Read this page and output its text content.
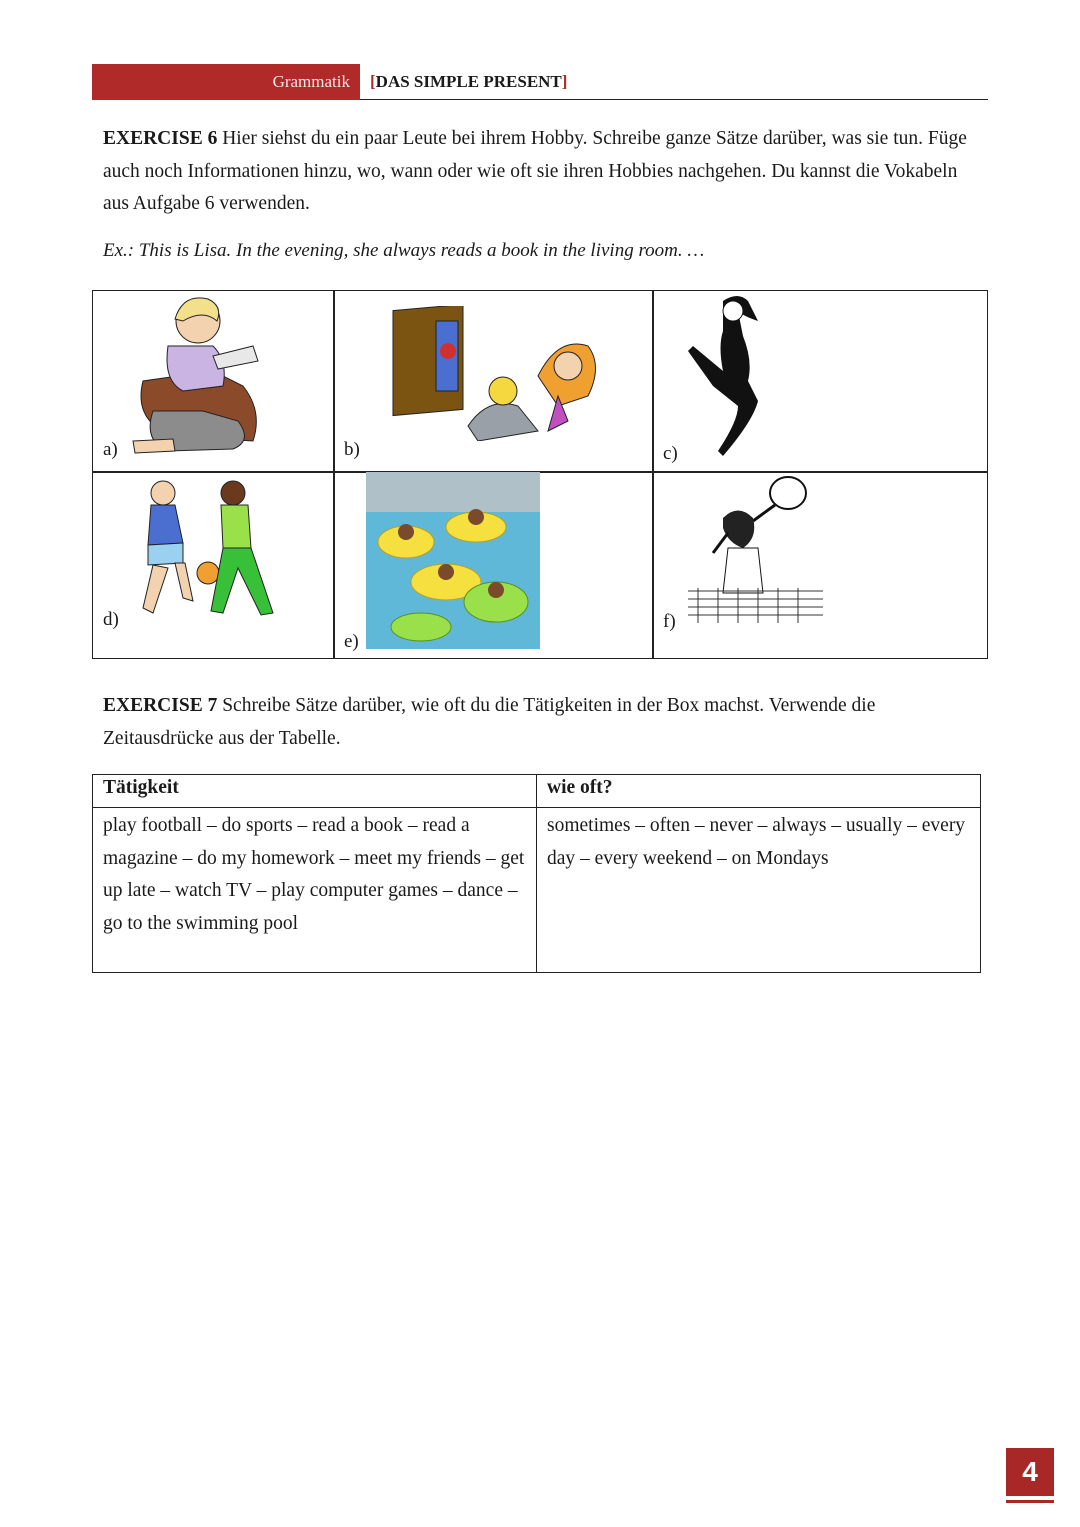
Grammatik [DAS SIMPLE PRESENT]
EXERCISE 6 Hier siehst du ein paar Leute bei ihrem Hobby. Schreibe ganze Sätze darüber, was sie tun. Füge auch noch Informationen hinzu, wo, wann oder wie oft sie ihren Hobbies nachgehen. Du kannst die Vokabeln aus Aufgabe 6 verwenden.
Ex.: This is Lisa. In the evening, she always reads a book in the living room. …
a)	b)	c)
d)
e)
f)
EXERCISE 7 Schreibe Sätze darüber, wie oft du die Tätigkeiten in der Box machst. Verwende die Zeitausdrücke aus der Tabelle.
Tätigkeit	wie oft?
play football – do sports – read a book – read a magazine – do my homework – meet my friends – get up late – watch TV – play computer games – dance – go to the swimming pool	sometimes – often – never – always – usually – every day – every weekend – on Mondays
4
